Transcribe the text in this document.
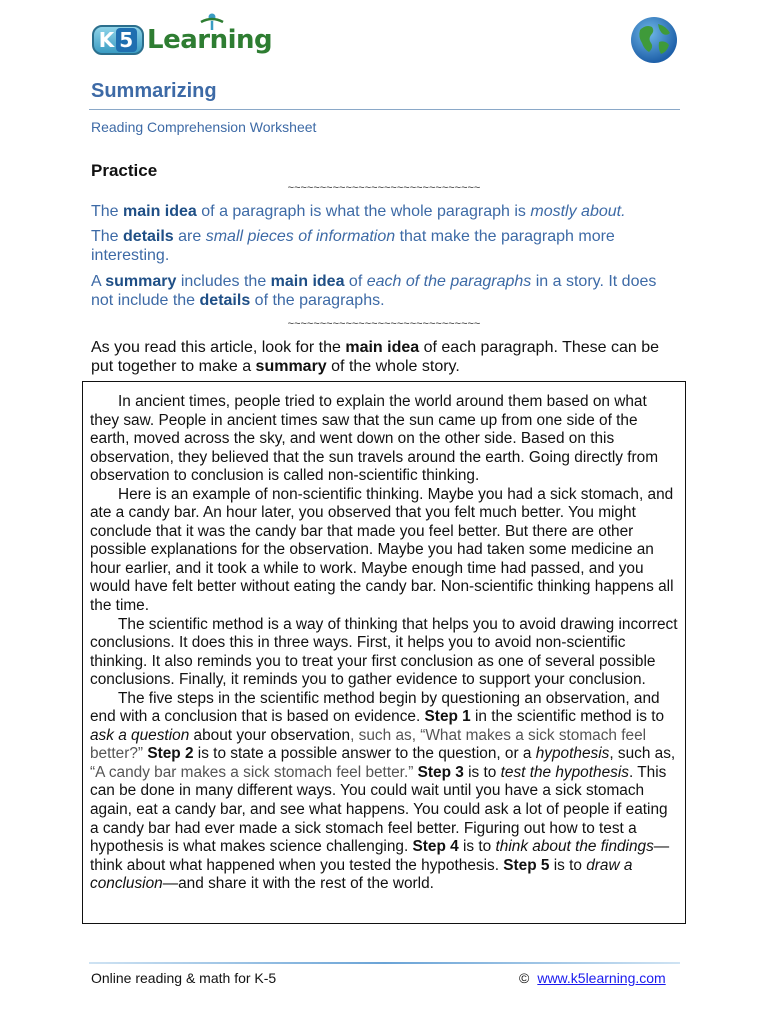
K 5 Learning
Summarizing
Reading Comprehension Worksheet
Practice
~~~~~~~~~~~~~~~~~~~~~~~~~~~~~~

The main idea of a paragraph is what the whole paragraph is mostly about.

The details are small pieces of information that make the paragraph more interesting.

A summary includes the main idea of each of the paragraphs in a story. It does not include the details of the paragraphs.

~~~~~~~~~~~~~~~~~~~~~~~~~~~~~~

As you read this article, look for the main idea of each paragraph. These can be put together to make a summary of the whole story.

In ancient times, people tried to explain the world around them based on what they saw. People in ancient times saw that the sun came up from one side of the earth, moved across the sky, and went down on the other side. Based on this observation, they believed that the sun travels around the earth. Going directly from observation to conclusion is called non-scientific thinking.

Here is an example of non-scientific thinking. Maybe you had a sick stomach, and ate a candy bar. An hour later, you observed that you felt much better. You might conclude that it was the candy bar that made you feel better. But there are other possible explanations for the observation. Maybe you had taken some medicine an hour earlier, and it took a while to work. Maybe enough time had passed, and you would have felt better without eating the candy bar. Non-scientific thinking happens all the time.

The scientific method is a way of thinking that helps you to avoid drawing incorrect conclusions. It does this in three ways. First, it helps you to avoid non-scientific thinking. It also reminds you to treat your first conclusion as one of several possible conclusions. Finally, it reminds you to gather evidence to support your conclusion.

The five steps in the scientific method begin by questioning an observation, and end with a conclusion that is based on evidence. Step 1 in the scientific method is to ask a question about your observation, such as, “What makes a sick stomach feel better?” Step 2 is to state a possible answer to the question, or a hypothesis, such as, “A candy bar makes a sick stomach feel better.” Step 3 is to test the hypothesis. This can be done in many different ways. You could wait until you have a sick stomach again, eat a candy bar, and see what happens. You could ask a lot of people if eating a candy bar had ever made a sick stomach feel better. Figuring out how to test a hypothesis is what makes science challenging. Step 4 is to think about the findings—think about what happened when you tested the hypothesis. Step 5 is to draw a conclusion—and share it with the rest of the world.

Online reading & math for K-5	© www.k5learning.com
